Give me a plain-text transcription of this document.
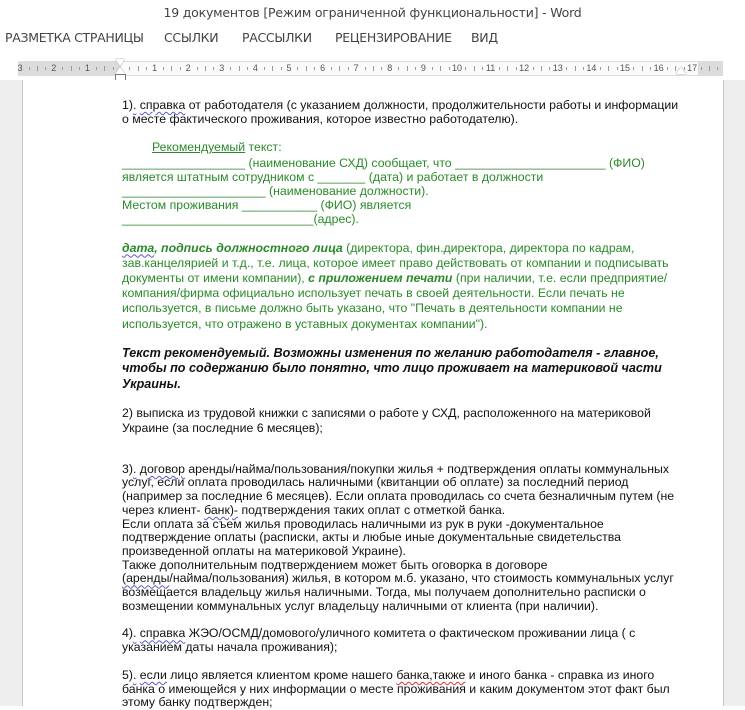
19 документов [Режим ограниченной функциональности] - Word
РАЗМЕТКА СТРАНИЦЫ ССЫЛКИ РАССЫЛКИ РЕЦЕНЗИРОВАНИЕ ВИД
3	2	1	1	2	3	4	5	6	7	8	9	10	11	12	13	14	15	16	17

1). справка от работодателя (с указанием должности, продолжительности работы и информации о месте фактического проживания, которое известно работодателю).

Рекомендуемый текст:

__________________ (наименование СХД) сообщает, что ______________________ (ФИО) является штатным сотрудником с _______ (дата) и работает в должности _____________________ (наименование должности).

Местом проживания ___________ (ФИО) является

____________________________(адрес).

дата, подпись должностного лица (директора, фин.директора, директора по кадрам, зав.канцелярией и т.д., т.е. лица, которое имеет право действовать от компании и подписывать документы от имени компании), с приложением печати (при наличии, т.е. если предприятие/компания/фирма официально использует печать в своей деятельности. Если печать не используется, в письме должно быть указано, что "Печать в деятельности компании не используется, что отражено в уставных документах компании").

Текст рекомендуемый. Возможны изменения по желанию работодателя - главное, чтобы по содержанию было понятно, что лицо проживает на материковой части Украины.

2) выписка из трудовой книжки с записями о работе у СХД, расположенного на материковой Украине (за последние 6 месяцев);

3). договор аренды/найма/пользования/покупки жилья + подтверждения оплаты коммунальных услуг, если оплата проводилась наличными (квитанции об оплате) за последний период (например за последние 6 месяцев). Если оплата проводилась со счета безналичным путем (не через клиент- банк)- подтверждения таких оплат с отметкой банка.

Если оплата за съем жилья проводилась наличными из рук в руки -документальное подтверждение оплаты (расписки, акты и любые иные документальные свидетельства произведенной оплаты на материковой Украине).

Также дополнительным подтверждением может быть оговорка в договоре
(аренды/найма/пользования) жилья, в котором м.б. указано, что стоимость коммунальных услуг возмещается владельцу жилья наличными. Тогда, мы получаем дополнительно расписки о возмещении коммунальных услуг владельцу наличными от клиента (при наличии).

4). справка ЖЭО/ОСМД/домового/уличного комитета о фактическом проживании лица ( с указанием даты начала проживания);

5). если лицо является клиентом кроме нашего банка,также и иного банка - справка из иного банка о имеющейся у них информации о месте проживания и каким документом этот факт был этому банку подтвержден;
